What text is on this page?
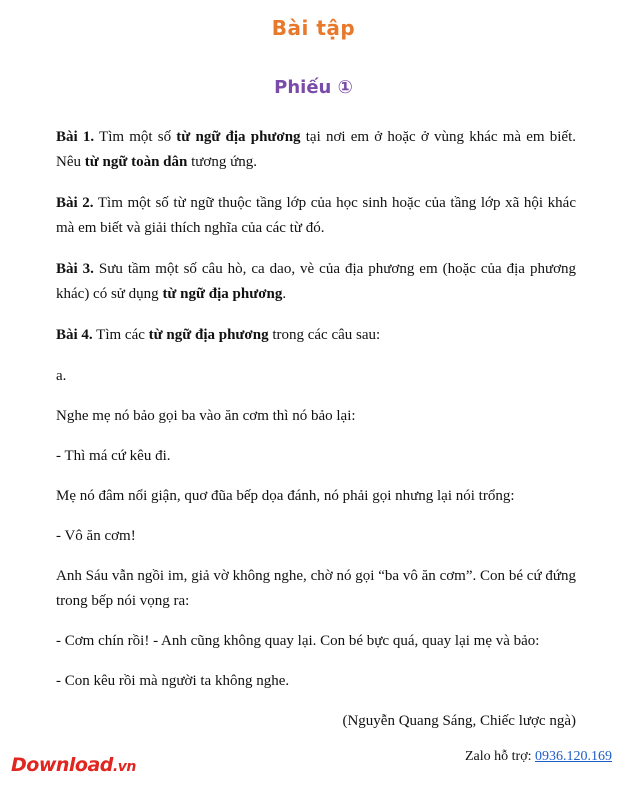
Bài tập
Phiếu ①

Bài 1. Tìm một số từ ngữ địa phương tại nơi em ở hoặc ở vùng khác mà em biết. Nêu từ ngữ toàn dân tương ứng.

Bài 2. Tìm một số từ ngữ thuộc tầng lớp của học sinh hoặc của tầng lớp xã hội khác mà em biết và giải thích nghĩa của các từ đó.

Bài 3. Sưu tầm một số câu hò, ca dao, vè của địa phương em (hoặc của địa phương khác) có sử dụng từ ngữ địa phương.

Bài 4. Tìm các từ ngữ địa phương trong các câu sau:

a.

Nghe mẹ nó bảo gọi ba vào ăn cơm thì nó bảo lại:

- Thì má cứ kêu đi.

Mẹ nó đâm nổi giận, quơ đũa bếp dọa đánh, nó phải gọi nhưng lại nói trổng:

- Vô ăn cơm!

Anh Sáu vẫn ngồi im, giả vờ không nghe, chờ nó gọi “ba vô ăn cơm”. Con bé cứ đứng trong bếp nói vọng ra:

- Cơm chín rồi! - Anh cũng không quay lại. Con bé bực quá, quay lại mẹ và bảo:

- Con kêu rồi mà người ta không nghe.

(Nguyễn Quang Sáng, Chiếc lược ngà)
Zalo hỗ trợ: 0936.120.169
Download.vn
